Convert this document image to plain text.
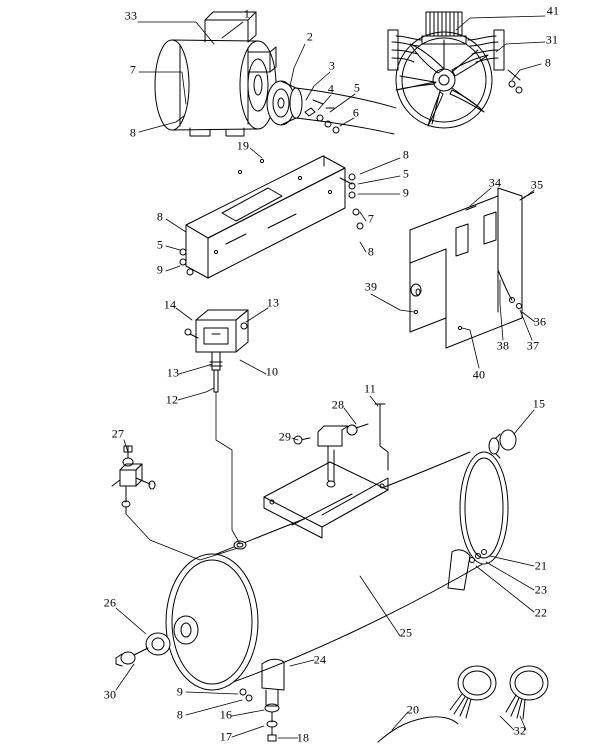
33	1	41
31
2
8
3
7
4 5
6
8
19
8
5
9
34 35
8	7
5	8
9
39
36
14	13
38 37
13	10	40
12
11
28	15
29
27
21
23
22
26
25
24
30	9
8	16	20
17	18	32
